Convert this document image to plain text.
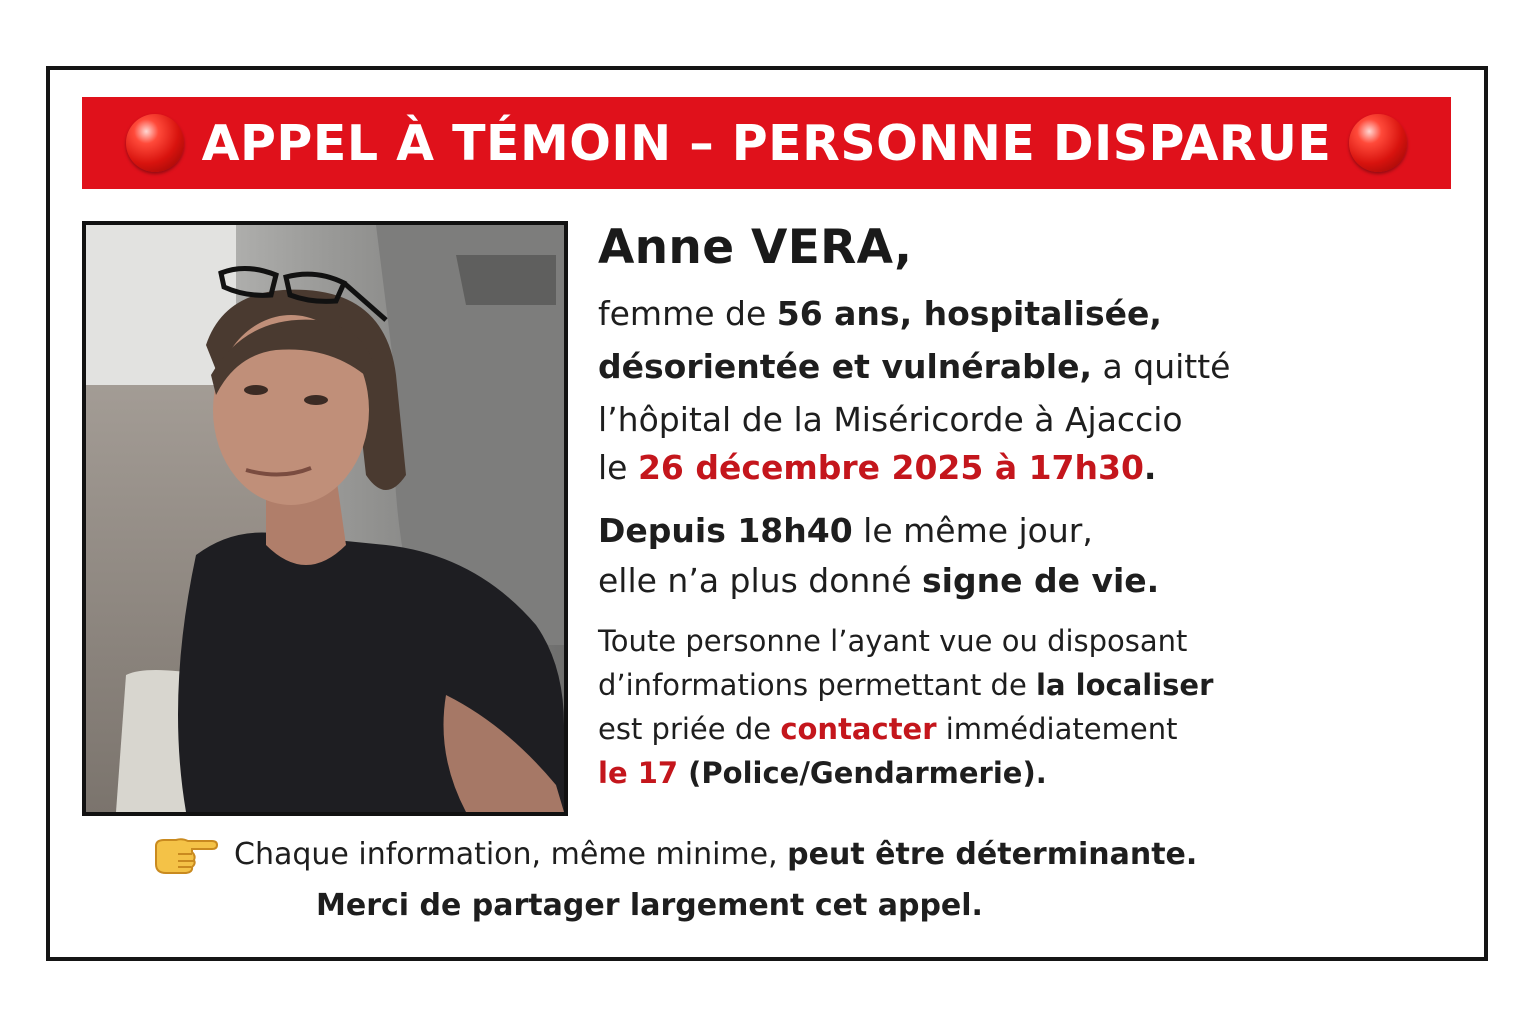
APPEL À TÉMOIN – PERSONNE DISPARUE
Anne VERA,
femme de 56 ans, hospitalisée,
désorientée et vulnérable, a quitté
l’hôpital de la Miséricorde à Ajaccio
le 26 décembre 2025 à 17h30.
Depuis 18h40 le même jour,
elle n’a plus donné signe de vie.
Toute personne l’ayant vue ou disposant
d’informations permettant de la localiser
est priée de contacter immédiatement
le 17 (Police/Gendarmerie).
Chaque information, même minime, peut être déterminante.
Merci de partager largement cet appel.
